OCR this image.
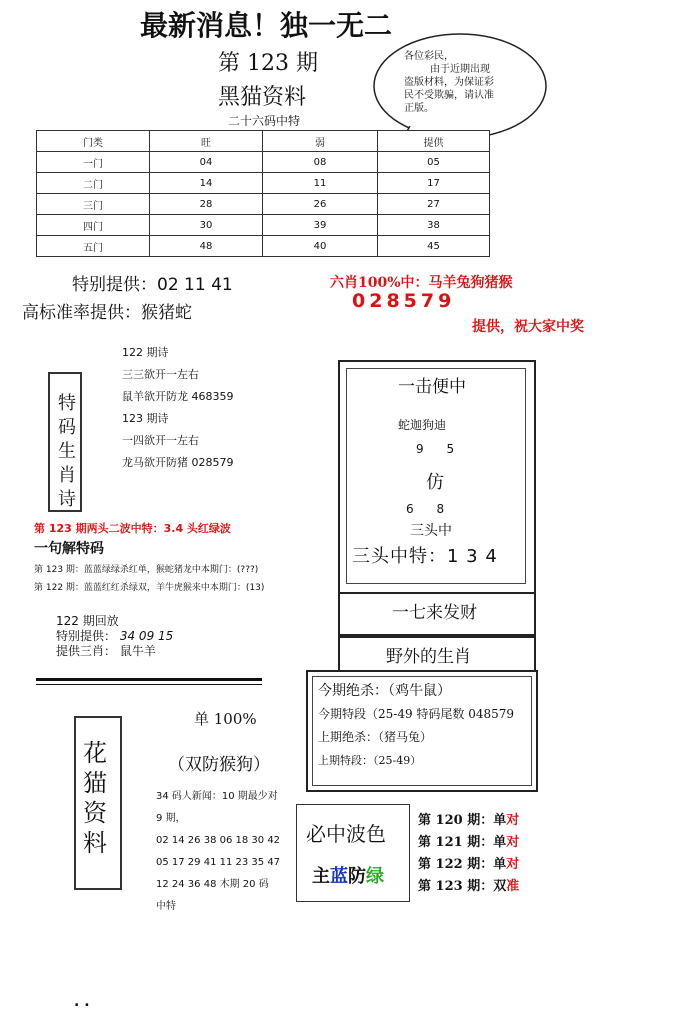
最新消息！独一无二
第 123 期
黑猫资料
二十六码中特
各位彩民，
由于近期出现
盗版材料，为保证彩
民不受欺骗，请认准
正版。
门类	旺	弱	提供
一门	04	08	05
二门	14	11	17
三门	28	26	27
四门	30	39	38
五门	48	40	45
特别提供：02 11 41
高标准率提供：猴猪蛇
六肖100%中：马羊兔狗猪猴
028579
提供，祝大家中奖
特码生肖诗
122 期诗
三三欲开一左右
鼠羊欲开防龙 468359
123 期诗
一四欲开一左右
龙马欲开防猪 028579
第 123 期两头二波中特：3.4 头红绿波
一句解特码
第 123 期：蓝蓝绿绿杀红单，猴蛇猪龙中本期门：(???)
第 122 期：蓝蓝红红杀绿双，羊牛虎猴来中本期门：(13)
122 期回放
特别提供： 34 09 15
提供三肖： 鼠牛羊
一击便中
蛇迦狗迪
9      5
仿
6      8
三头中
三头中特：1 3 4
一七来发财
野外的生肖
今期绝杀：（鸡牛鼠）
今期特段（25-49 特码尾数 048579
上期绝杀：（猪马兔）
上期特段：（25-49）
花猫资料
单 100%
（双防猴狗）
34 码人新闻：10 期最少对
9 期，
02 14 26 38 06 18 30 42
05 17 29 41 11 23 35 47
12 24 36 48 木期 20 码
中特
必中波色
主蓝防绿
第 120 期：单对
第 121 期：单对
第 122 期：单对
第 123 期：双准
. .
